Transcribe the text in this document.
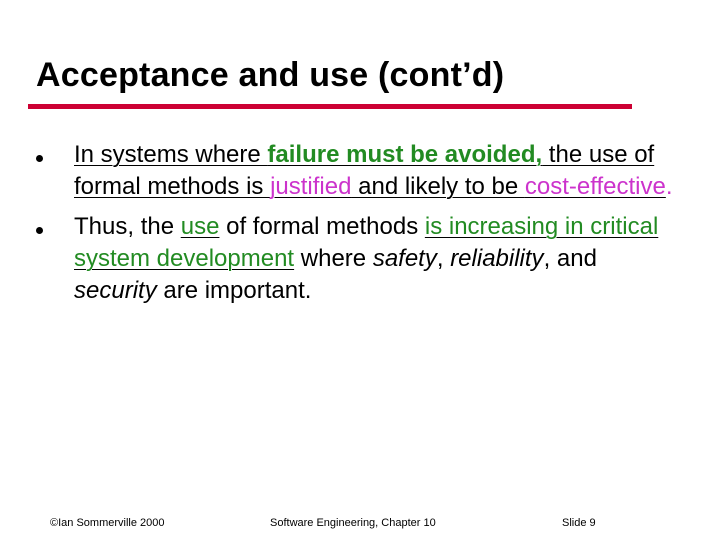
Acceptance and use (cont’d)
In systems where failure must be avoided, the use of formal methods is justified and likely to be cost-effective.
Thus, the use of formal methods is increasing in critical system development where safety, reliability, and security are important.
©Ian Sommerville 2000	Software Engineering, Chapter 10	Slide 9
